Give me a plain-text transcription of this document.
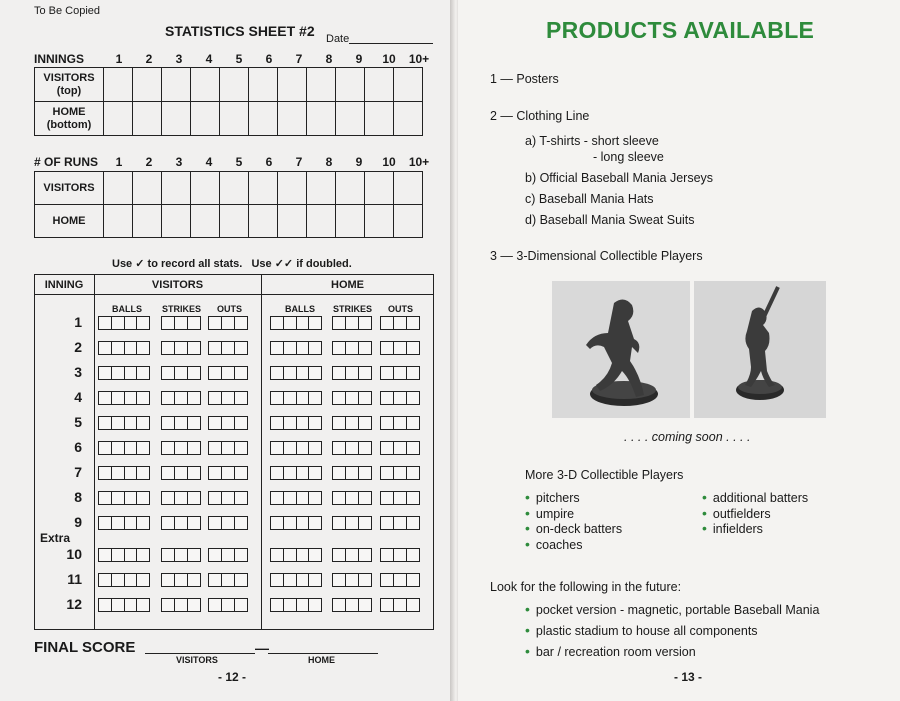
To Be Copied
STATISTICS SHEET #2 Date
INNINGS	1	2	3	4	5	6	7	8	9	10	10+
VISITORS
(top)											

HOME
(bottom)											

# OF RUNS	1	2	3	4	5	6	7	8	9	10	10+
VISITORS											
HOME											
Use ✓ to record all stats. Use ✓✓ if doubled.
INNING	VISITORS	HOME
BALLS STRIKES OUTS	BALLS STRIKES OUTS
Extra
1
2
3
4
5
6
7
8
9
10
11
12
FINAL SCORE	—
VISITORS	HOME
- 12 -
PRODUCTS AVAILABLE
1 — Posters
2 — Clothing Line
a) T-shirts - short sleeve
- long sleeve
b) Official Baseball Mania Jerseys
c) Baseball Mania Hats
d) Baseball Mania Sweat Suits
3 — 3-Dimensional Collectible Players
. . . . coming soon . . . .
More 3-D Collectible Players
• pitchers
• umpire
• on-deck batters
• coaches
• additional batters
• outfielders
• infielders
Look for the following in the future:
• pocket version - magnetic, portable Baseball Mania
• plastic stadium to house all components
• bar / recreation room version
- 13 -
